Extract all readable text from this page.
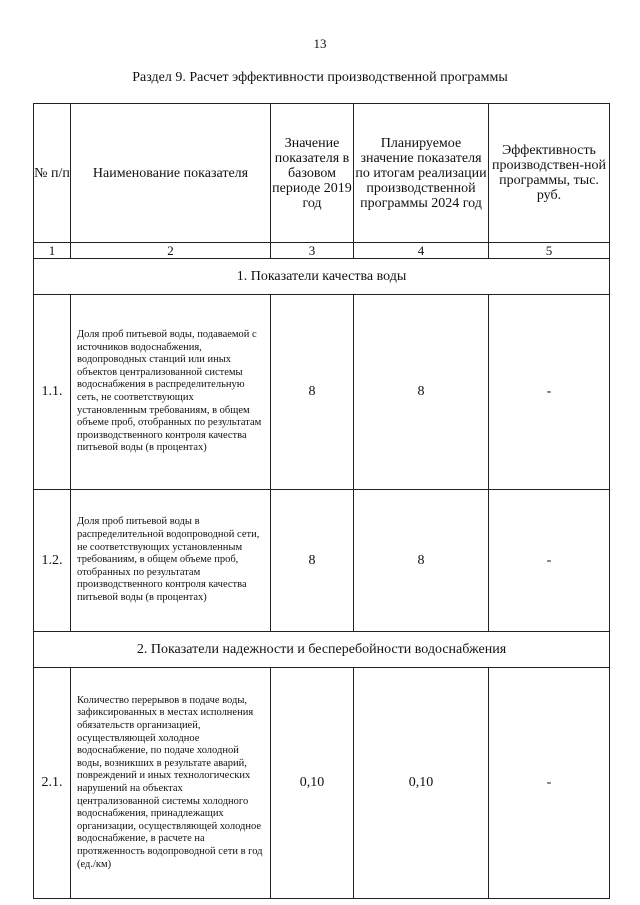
13
Раздел 9. Расчет эффективности производственной программы
№ п/п	Наименование показателя	Значение показателя в базовом периоде 2019 год	Планируемое значение показателя по итогам реализации производственной программы 2024 год	Эффективность производствен-ной программы, тыс. руб.
1	2	3	4	5
1. Показатели качества воды				
1.1.	Доля проб питьевой воды, подаваемой с источников водоснабжения, водопроводных станций или иных объектов централизованной системы водоснабжения в распределительную сеть, не соответствующих установленным требованиям, в общем объеме проб, отобранных по результатам производственного контроля качества питьевой воды (в процентах)	8	8	-
1.2.	Доля проб питьевой воды в распределительной водопроводной сети, не соответствующих установленным требованиям, в общем объеме проб, отобранных по результатам производственного контроля качества питьевой воды (в процентах)	8	8	-
2. Показатели надежности и бесперебойности водоснабжения				
2.1.	Количество перерывов в подаче воды, зафиксированных в местах исполнения обязательств организацией, осуществляющей холодное водоснабжение, по подаче холодной воды, возникших в результате аварий, повреждений и иных технологических нарушений на объектах централизованной системы холодного водоснабжения, принадлежащих организации, осуществляющей холодное водоснабжение, в расчете на протяженность водопроводной сети в год (ед./км)	0,10	0,10	-
